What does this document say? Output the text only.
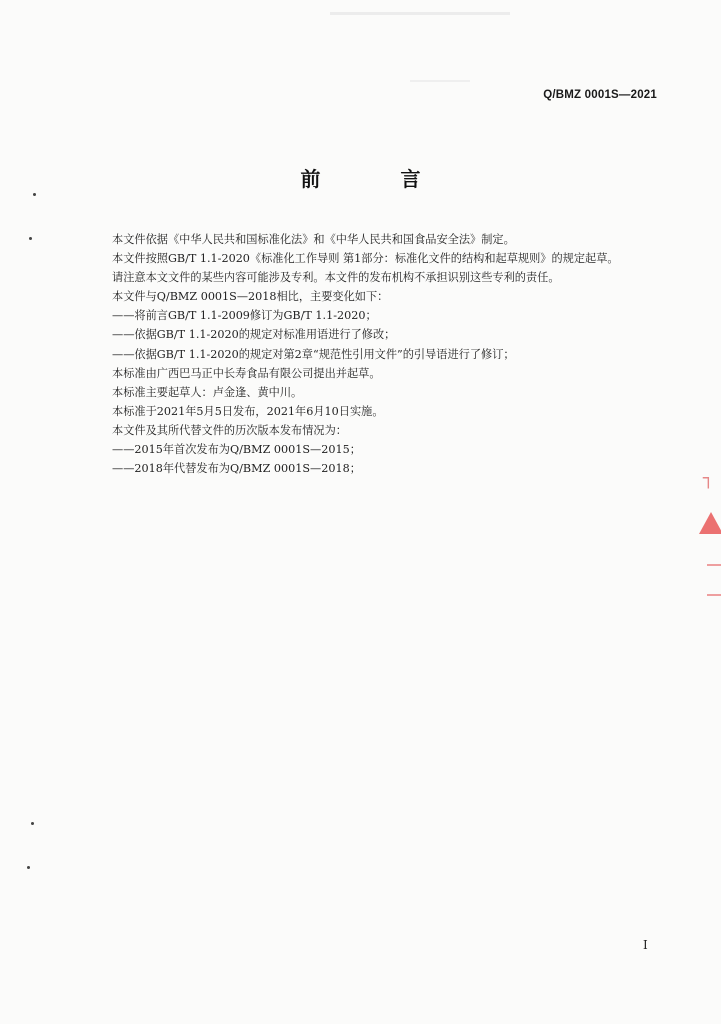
Q/BMZ 0001S—2021
前　言

本文件依据《中华人民共和国标准化法》和《中华人民共和国食品安全法》制定。

本文件按照GB/T 1.1-2020《标准化工作导则 第1部分：标准化文件的结构和起草规则》的规定起草。

请注意本文文件的某些内容可能涉及专利。本文件的发布机构不承担识别这些专利的责任。

本文件与Q/BMZ 0001S—2018相比，主要变化如下：

——将前言GB/T 1.1-2009修订为GB/T 1.1-2020；

——依据GB/T 1.1-2020的规定对标准用语进行了修改；

——依据GB/T 1.1-2020的规定对第2章“规范性引用文件”的引导语进行了修订；

本标准由广西巴马正中长寿食品有限公司提出并起草。

本标准主要起草人：卢金逢、黄中川。

本标准于2021年5月5日发布，2021年6月10日实施。

本文件及其所代替文件的历次版本发布情况为：

——2015年首次发布为Q/BMZ 0001S—2015；

——2018年代替发布为Q/BMZ 0001S—2018；

I
┐
